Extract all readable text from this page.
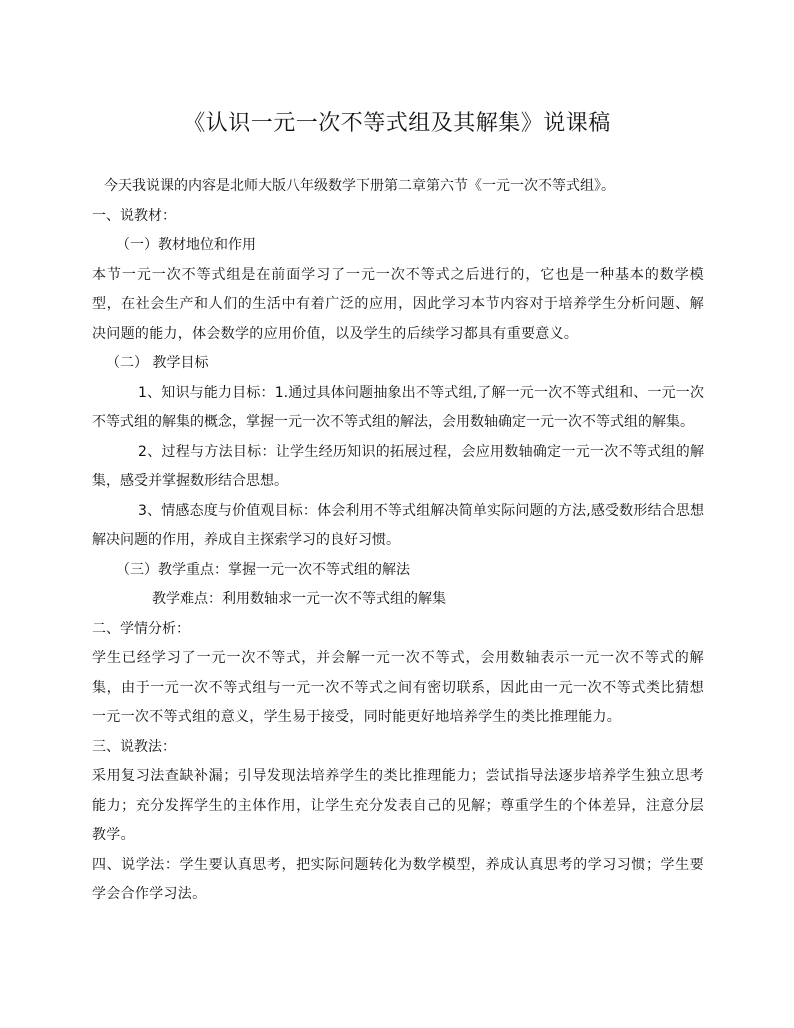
《认识一元一次不等式组及其解集》说课稿

今天我说课的内容是北师大版八年级数学下册第二章第六节《一元一次不等式组》。

一、说教材：

（一）教材地位和作用

本节一元一次不等式组是在前面学习了一元一次不等式之后进行的，它也是一种基本的数学模型，在社会生产和人们的生活中有着广泛的应用，因此学习本节内容对于培养学生分析问题、解决问题的能力，体会数学的应用价值，以及学生的后续学习都具有重要意义。

（二） 教学目标

1、知识与能力目标：1.通过具体问题抽象出不等式组,了解一元一次不等式组和、一元一次不等式组的解集的概念，掌握一元一次不等式组的解法，会用数轴确定一元一次不等式组的解集。

2、过程与方法目标：让学生经历知识的拓展过程，会应用数轴确定一元一次不等式组的解集，感受并掌握数形结合思想。

3、情感态度与价值观目标：体会利用不等式组解决简单实际问题的方法,感受数形结合思想解决问题的作用，养成自主探索学习的良好习惯。

（三）教学重点：掌握一元一次不等式组的解法

教学难点：利用数轴求一元一次不等式组的解集

二、学情分析：

学生已经学习了一元一次不等式，并会解一元一次不等式，会用数轴表示一元一次不等式的解集，由于一元一次不等式组与一元一次不等式之间有密切联系，因此由一元一次不等式类比猜想一元一次不等式组的意义，学生易于接受，同时能更好地培养学生的类比推理能力。

三、说教法：

采用复习法查缺补漏；引导发现法培养学生的类比推理能力；尝试指导法逐步培养学生独立思考能力；充分发挥学生的主体作用，让学生充分发表自己的见解；尊重学生的个体差异，注意分层教学。

四、说学法：学生要认真思考，把实际问题转化为数学模型，养成认真思考的学习习惯；学生要学会合作学习法。
